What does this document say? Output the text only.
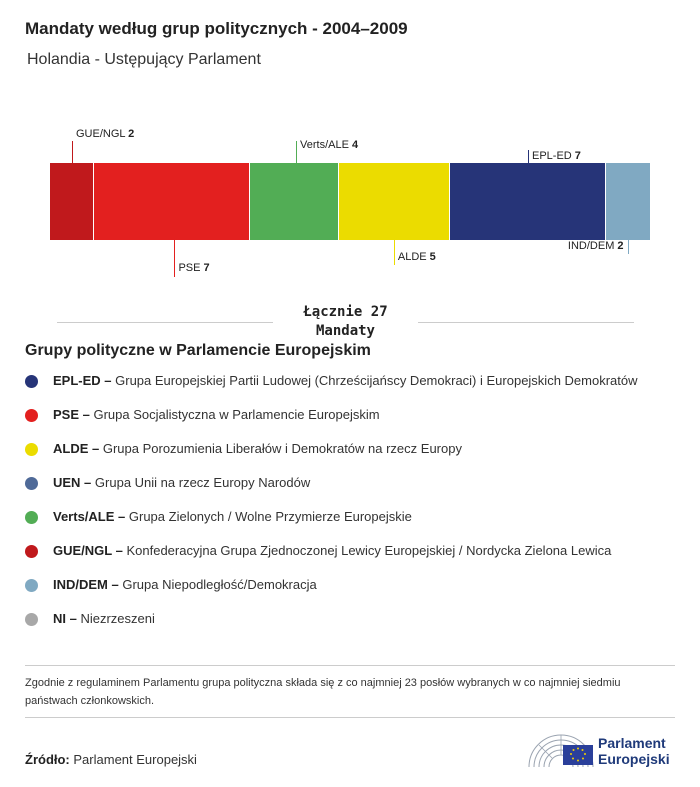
Mandaty według grup politycznych - 2004–2009
Holandia - Ustępujący Parlament
GUE/NGL 2
PSE 7
Verts/ALE 4
ALDE 5
EPL-ED 7
IND/DEM 2
Łącznie 27
Mandaty
Grupy polityczne w Parlamencie Europejskim
EPL-ED – Grupa Europejskiej Partii Ludowej (Chrześcijańscy Demokraci) i Europejskich Demokratów
PSE – Grupa Socjalistyczna w Parlamencie Europejskim
ALDE – Grupa Porozumienia Liberałów i Demokratów na rzecz Europy
UEN – Grupa Unii na rzecz Europy Narodów
Verts/ALE – Grupa Zielonych / Wolne Przymierze Europejskie
GUE/NGL – Konfederacyjna Grupa Zjednoczonej Lewicy Europejskiej / Nordycka Zielona Lewica
IND/DEM – Grupa Niepodległość/Demokracja
NI – Niezrzeszeni
Zgodnie z regulaminem Parlamentu grupa polityczna składa się z co najmniej 23 posłów wybranych w co najmniej siedmiu państwach członkowskich.
Źródło: Parlament Europejski
Parlament
Europejski
